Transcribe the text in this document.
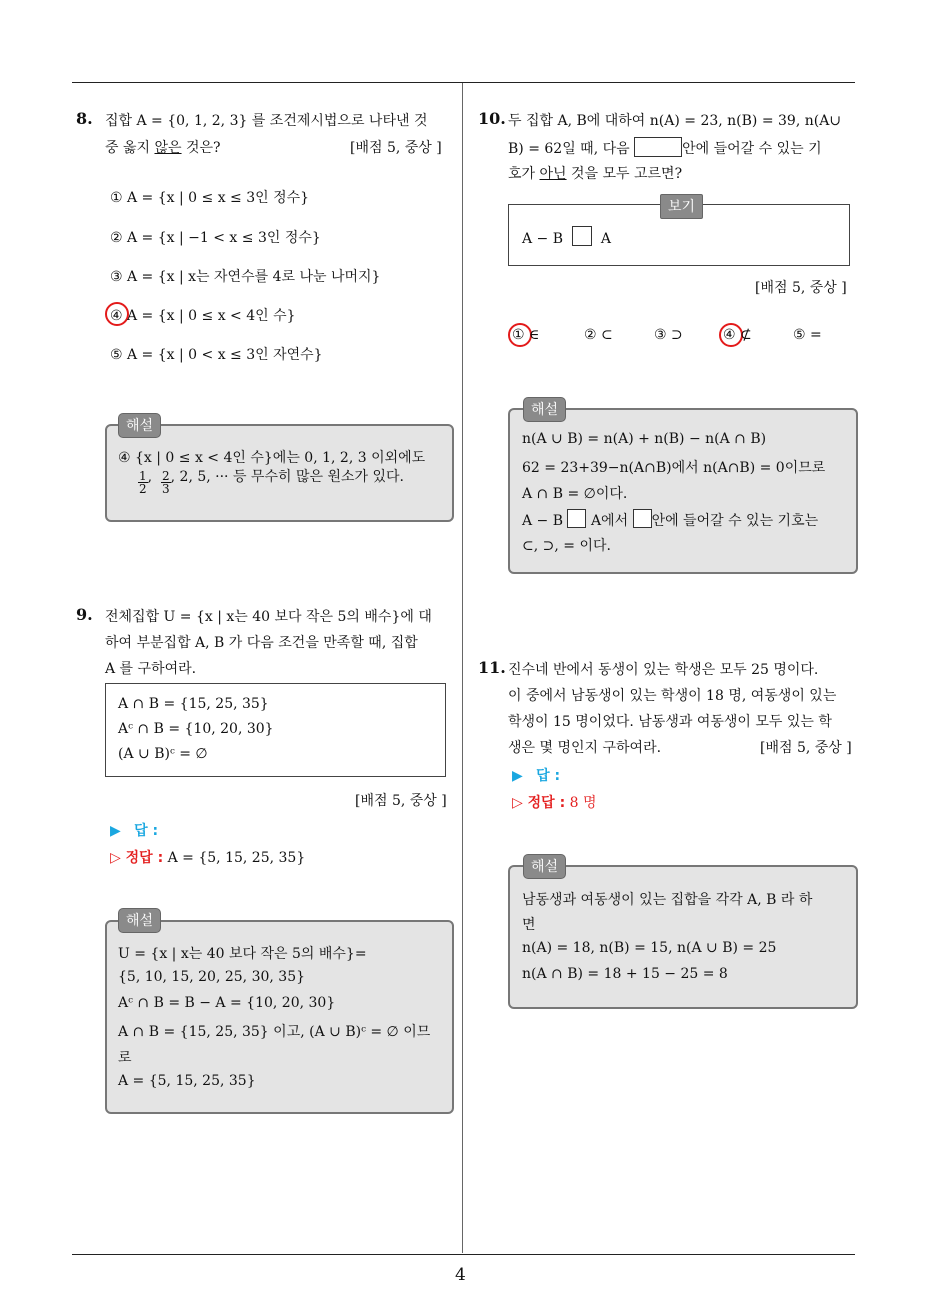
4
8. 집합 A = {0, 1, 2, 3} 를 조건제시법으로 나타낸 것
중 옳지 않은 것은?	[배점 5, 중상 ]
① A = {x | 0 ≤ x ≤ 3인 정수}
② A = {x | −1 < x ≤ 3인 정수}
③ A = {x | x는 자연수를 4로 나눈 나머지}
④ A = {x | 0 ≤ x < 4인 수}
⑤ A = {x | 0 < x ≤ 3인 자연수}
해설
④ {x | 0 ≤ x < 4인 수}에는 0, 1, 2, 3 이외에도
$\frac{1}{2}$ , $\frac{2}{3}$ , 2, 5, ··· 등 무수히 많은 원소가 있다.
9. 전체집합 U = {x | x는 40 보다 작은 5의 배수}에 대
하여 부분집합 A, B 가 다음 조건을 만족할 때, 집합
A 를 구하여라.
A ∩ B = {15, 25, 35}
Aᶜ ∩ B = {10, 20, 30}
(A ∪ B)ᶜ = ∅
[배점 5, 중상 ]
▶ 답 :
▷ 정답 : A = {5, 15, 25, 35}
해설
U = {x | x는 40 보다 작은 5의 배수}=
{5, 10, 15, 20, 25, 30, 35}
Aᶜ ∩ B = B − A = {10, 20, 30}
A ∩ B = {15, 25, 35} 이고, (A ∪ B)ᶜ = ∅ 이므
로
A = {5, 15, 25, 35}
10. 두 집합 A, B에 대하여 n(A) = 23, n(B) = 39, n(A∪
B) = 62일 때, 다음	안에 들어갈 수 있는 기
호가 아닌 것을 모두 고르면?
보기
A − B	A
[배점 5, 중상 ]
① ∈	② ⊂	③ ⊃	④ ⊄	⑤ =
해설
n(A ∪ B) = n(A) + n(B) − n(A ∩ B)
62 = 23+39−n(A∩B)에서 n(A∩B) = 0이므로
A ∩ B = ∅이다.
A − B A에서 안에 들어갈 수 있는 기호는
⊂, ⊃, = 이다.
11. 진수네 반에서 동생이 있는 학생은 모두 25 명이다.
이 중에서 남동생이 있는 학생이 18 명, 여동생이 있는
학생이 15 명이었다. 남동생과 여동생이 모두 있는 학
생은 몇 명인지 구하여라.	[배점 5, 중상 ]
▶ 답 :
▷ 정답 : 8 명
해설
남동생과 여동생이 있는 집합을 각각 A, B 라 하
면
n(A) = 18, n(B) = 15, n(A ∪ B) = 25
n(A ∩ B) = 18 + 15 − 25 = 8
